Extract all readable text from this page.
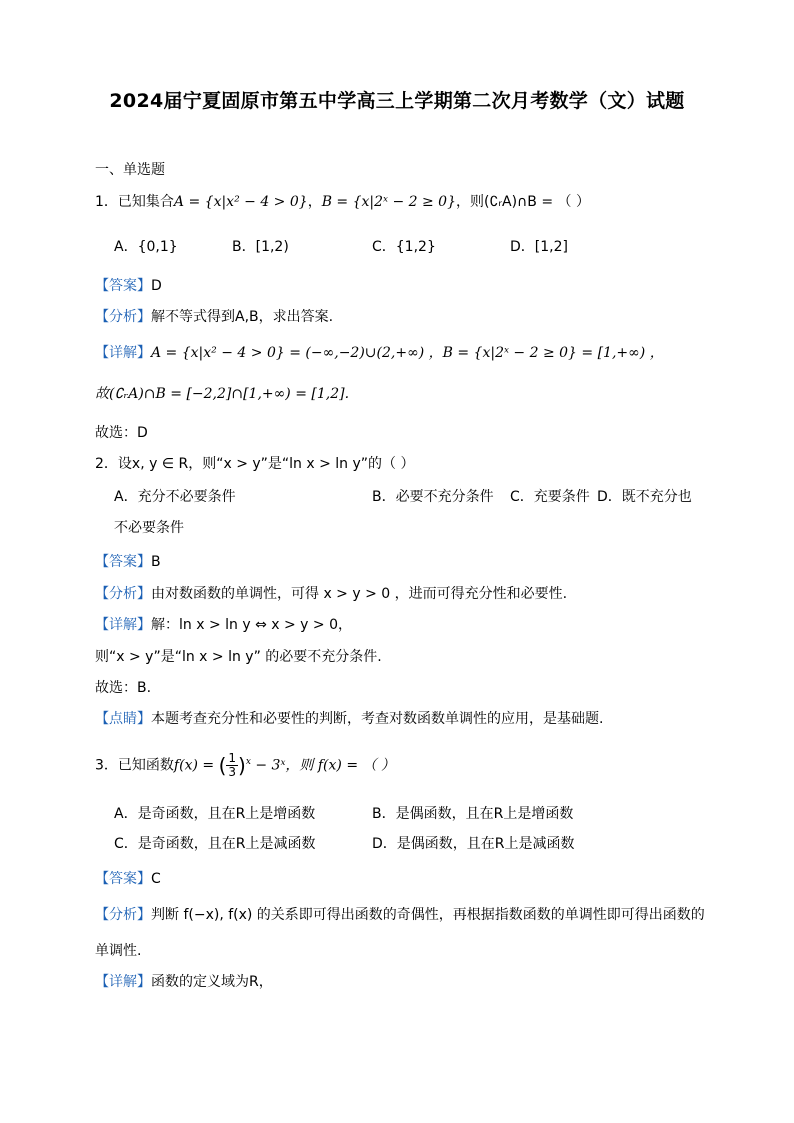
2024届宁夏固原市第五中学高三上学期第二次月考数学（文）试题
一、单选题
1．已知集合A = {x|x² − 4 > 0}，B = {x|2ˣ − 2 ≥ 0}，则(∁ᵣA)∩B = （ ）
A．{0,1}	B．[1,2)	C．{1,2}	D．[1,2]
【答案】D
【分析】解不等式得到A,B，求出答案.
【详解】A = {x|x² − 4 > 0} = (−∞,−2)∪(2,+∞) ，B = {x|2ˣ − 2 ≥ 0} = [1,+∞) ，
故(∁ᵣA)∩B = [−2,2]∩[1,+∞) = [1,2].
故选：D
2．设x, y ∈ R，则“x > y”是“ln x > ln y”的（ ）
A．充分不必要条件	B．必要不充分条件 C．充要条件 D．既不充分也
不必要条件
【答案】B
【分析】由对数函数的单调性，可得 x > y > 0 ，进而可得充分性和必要性.
【详解】解：ln x > ln y ⇔ x > y > 0，
则“x > y”是“ln x > ln y” 的必要不充分条件.
故选：B.
【点睛】本题考查充分性和必要性的判断，考查对数函数单调性的应用，是基础题.
3．已知函数f(x) = ( $\frac{1}{3} )^x$ − 3ˣ，则 f(x) = （ ）
A．是奇函数，且在R上是增函数	B．是偶函数，且在R上是增函数
C．是奇函数，且在R上是减函数	D．是偶函数，且在R上是减函数
【答案】C
【分析】判断 f(−x), f(x) 的关系即可得出函数的奇偶性，再根据指数函数的单调性即可得出函数的
单调性.
【详解】函数的定义域为R，
